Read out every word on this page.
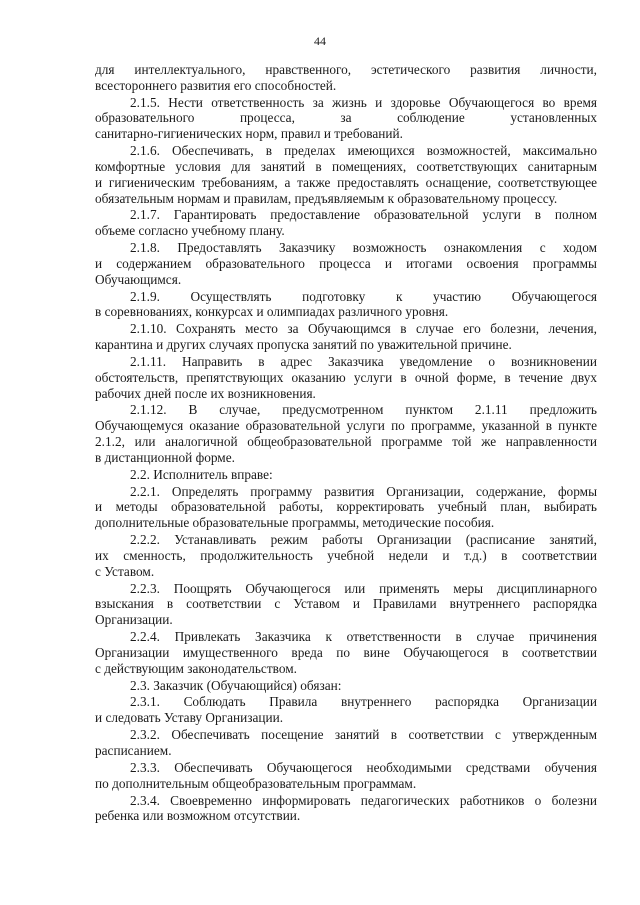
44
для интеллектуального, нравственного, эстетического развития личности,
всестороннего развития его способностей.
2.1.5. Нести ответственность за жизнь и здоровье Обучающегося во время
образовательного процесса, за соблюдение установленных
санитарно-гигиенических норм, правил и требований.
2.1.6. Обеспечивать, в пределах имеющихся возможностей, максимально
комфортные условия для занятий в помещениях, соответствующих санитарным
и гигиеническим требованиям, а также предоставлять оснащение, соответствующее
обязательным нормам и правилам, предъявляемым к образовательному процессу.
2.1.7. Гарантировать предоставление образовательной услуги в полном
объеме согласно учебному плану.
2.1.8. Предоставлять Заказчику возможность ознакомления с ходом
и содержанием образовательного процесса и итогами освоения программы
Обучающимся.
2.1.9. Осуществлять подготовку к участию Обучающегося
в соревнованиях, конкурсах и олимпиадах различного уровня.
2.1.10. Сохранять место за Обучающимся в случае его болезни, лечения,
карантина и других случаях пропуска занятий по уважительной причине.
2.1.11. Направить в адрес Заказчика уведомление о возникновении
обстоятельств, препятствующих оказанию услуги в очной форме, в течение двух
рабочих дней после их возникновения.
2.1.12. В случае, предусмотренном пунктом 2.1.11 предложить
Обучающемуся оказание образовательной услуги по программе, указанной в пункте
2.1.2, или аналогичной общеобразовательной программе той же направленности
в дистанционной форме.
2.2. Исполнитель вправе:
2.2.1. Определять программу развития Организации, содержание, формы
и методы образовательной работы, корректировать учебный план, выбирать
дополнительные образовательные программы, методические пособия.
2.2.2. Устанавливать режим работы Организации (расписание занятий,
их сменность, продолжительность учебной недели и т.д.) в соответствии
с Уставом.
2.2.3. Поощрять Обучающегося или применять меры дисциплинарного
взыскания в соответствии с Уставом и Правилами внутреннего распорядка
Организации.
2.2.4. Привлекать Заказчика к ответственности в случае причинения
Организации имущественного вреда по вине Обучающегося в соответствии
с действующим законодательством.
2.3. Заказчик (Обучающийся) обязан:
2.3.1. Соблюдать Правила внутреннего распорядка Организации
и следовать Уставу Организации.
2.3.2. Обеспечивать посещение занятий в соответствии с утвержденным
расписанием.
2.3.3. Обеспечивать Обучающегося необходимыми средствами обучения
по дополнительным общеобразовательным программам.
2.3.4. Своевременно информировать педагогических работников о болезни
ребенка или возможном отсутствии.
